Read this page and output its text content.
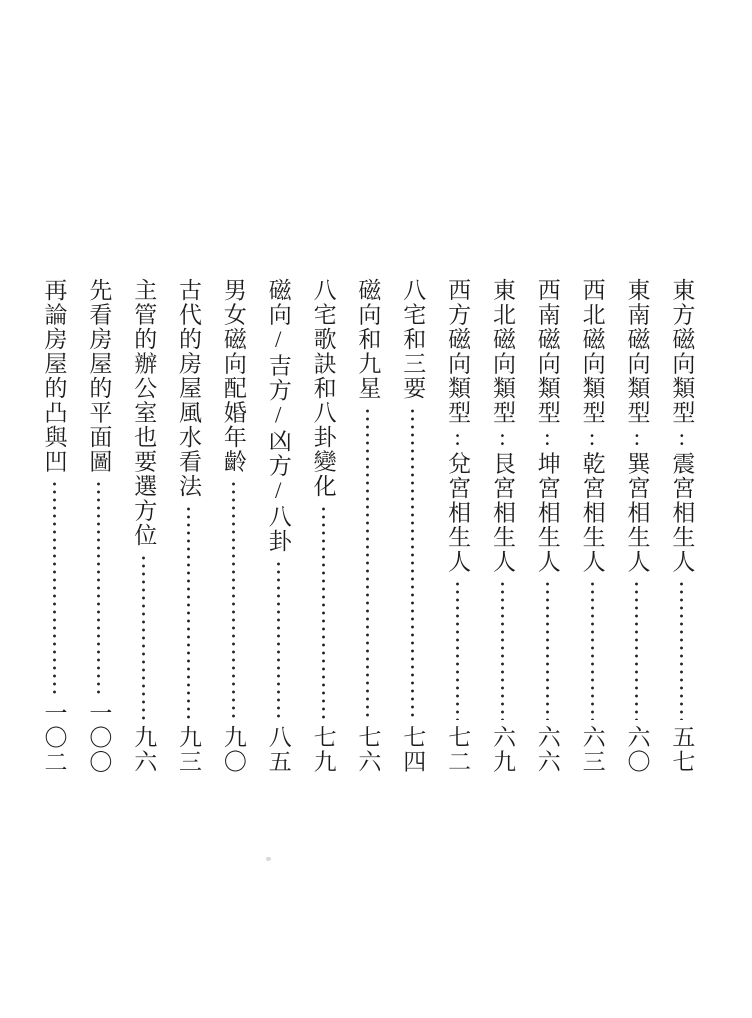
東方磁向類型:震宮相生人
五七
東南磁向類型:巽宮相生人
六〇
西北磁向類型:乾宮相生人
六三
西南磁向類型:坤宮相生人
六六
東北磁向類型:艮宮相生人
六九
西方磁向類型:兌宮相生人
七二
八宅和三要
七四
磁向和九星
七六
八宅歌訣和八卦變化
七九
磁向/吉方/凶方/八卦
八五
男女磁向配婚年齡
九〇
古代的房屋風水看法
九三
主管的辦公室也要選方位
九六
先看房屋的平面圖
一〇〇
再論房屋的凸與凹
一〇二
